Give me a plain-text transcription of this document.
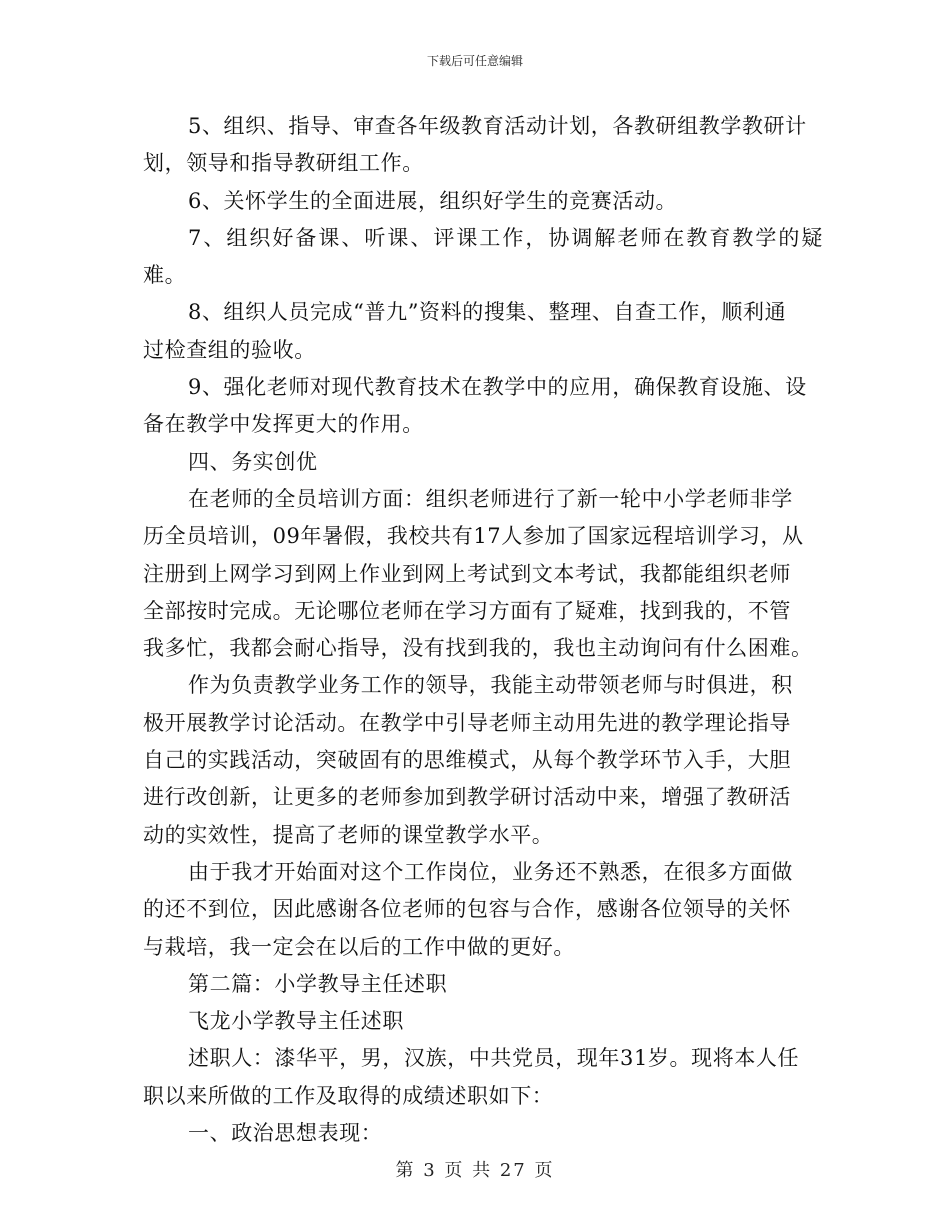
下载后可任意编辑

5、组织、指导、审查各年级教育活动计划，各教研组教学教研计
划，领导和指导教研组工作。

6、关怀学生的全面进展，组织好学生的竞赛活动。

7、组织好备课、听课、评课工作，协调解老师在教育教学的疑难。

8、组织人员完成“普九”资料的搜集、整理、自查工作，顺利通
过检查组的验收。

9、强化老师对现代教育技术在教学中的应用，确保教育设施、设
备在教学中发挥更大的作用。

四、务实创优

在老师的全员培训方面：组织老师进行了新一轮中小学老师非学
历全员培训，09年暑假，我校共有17人参加了国家远程培训学习，从
注册到上网学习到网上作业到网上考试到文本考试，我都能组织老师
全部按时完成。无论哪位老师在学习方面有了疑难，找到我的，不管
我多忙，我都会耐心指导，没有找到我的，我也主动询问有什么困难。

作为负责教学业务工作的领导，我能主动带领老师与时俱进，积
极开展教学讨论活动。在教学中引导老师主动用先进的教学理论指导
自己的实践活动，突破固有的思维模式，从每个教学环节入手，大胆
进行改创新，让更多的老师参加到教学研讨活动中来，增强了教研活
动的实效性，提高了老师的课堂教学水平。

由于我才开始面对这个工作岗位，业务还不熟悉，在很多方面做
的还不到位，因此感谢各位老师的包容与合作，感谢各位领导的关怀
与栽培，我一定会在以后的工作中做的更好。

第二篇：小学教导主任述职

飞龙小学教导主任述职

述职人：漆华平，男，汉族，中共党员，现年31岁。现将本人任
职以来所做的工作及取得的成绩述职如下：

一、政治思想表现：

第 3 页 共 27 页
